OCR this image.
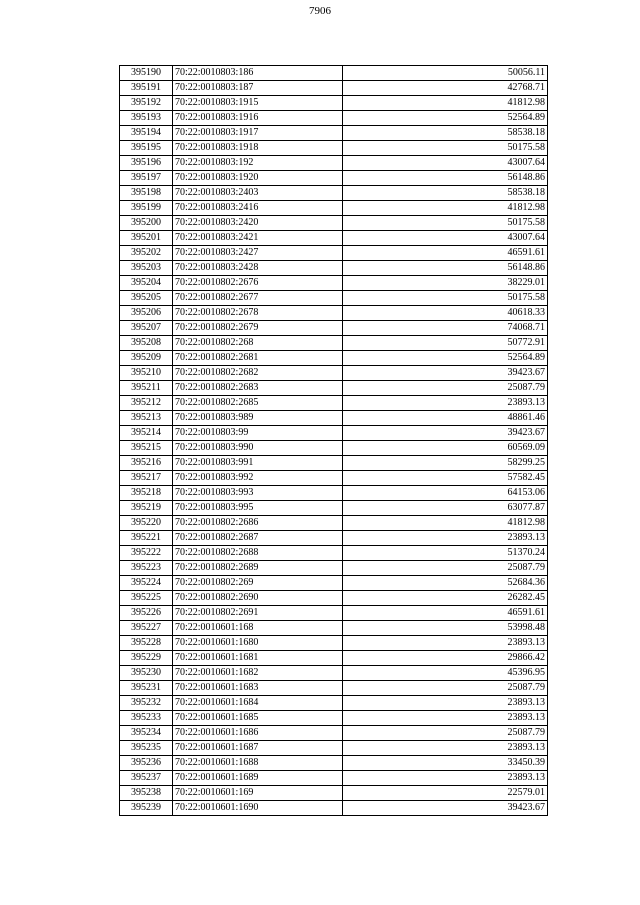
7906
395190	70:22:0010803:186	50056.11
395191	70:22:0010803:187	42768.71
395192	70:22:0010803:1915	41812.98
395193	70:22:0010803:1916	52564.89
395194	70:22:0010803:1917	58538.18
395195	70:22:0010803:1918	50175.58
395196	70:22:0010803:192	43007.64
395197	70:22:0010803:1920	56148.86
395198	70:22:0010803:2403	58538.18
395199	70:22:0010803:2416	41812.98
395200	70:22:0010803:2420	50175.58
395201	70:22:0010803:2421	43007.64
395202	70:22:0010803:2427	46591.61
395203	70:22:0010803:2428	56148.86
395204	70:22:0010802:2676	38229.01
395205	70:22:0010802:2677	50175.58
395206	70:22:0010802:2678	40618.33
395207	70:22:0010802:2679	74068.71
395208	70:22:0010802:268	50772.91
395209	70:22:0010802:2681	52564.89
395210	70:22:0010802:2682	39423.67
395211	70:22:0010802:2683	25087.79
395212	70:22:0010802:2685	23893.13
395213	70:22:0010803:989	48861.46
395214	70:22:0010803:99	39423.67
395215	70:22:0010803:990	60569.09
395216	70:22:0010803:991	58299.25
395217	70:22:0010803:992	57582.45
395218	70:22:0010803:993	64153.06
395219	70:22:0010803:995	63077.87
395220	70:22:0010802:2686	41812.98
395221	70:22:0010802:2687	23893.13
395222	70:22:0010802:2688	51370.24
395223	70:22:0010802:2689	25087.79
395224	70:22:0010802:269	52684.36
395225	70:22:0010802:2690	26282.45
395226	70:22:0010802:2691	46591.61
395227	70:22:0010601:168	53998.48
395228	70:22:0010601:1680	23893.13
395229	70:22:0010601:1681	29866.42
395230	70:22:0010601:1682	45396.95
395231	70:22:0010601:1683	25087.79
395232	70:22:0010601:1684	23893.13
395233	70:22:0010601:1685	23893.13
395234	70:22:0010601:1686	25087.79
395235	70:22:0010601:1687	23893.13
395236	70:22:0010601:1688	33450.39
395237	70:22:0010601:1689	23893.13
395238	70:22:0010601:169	22579.01
395239	70:22:0010601:1690	39423.67
